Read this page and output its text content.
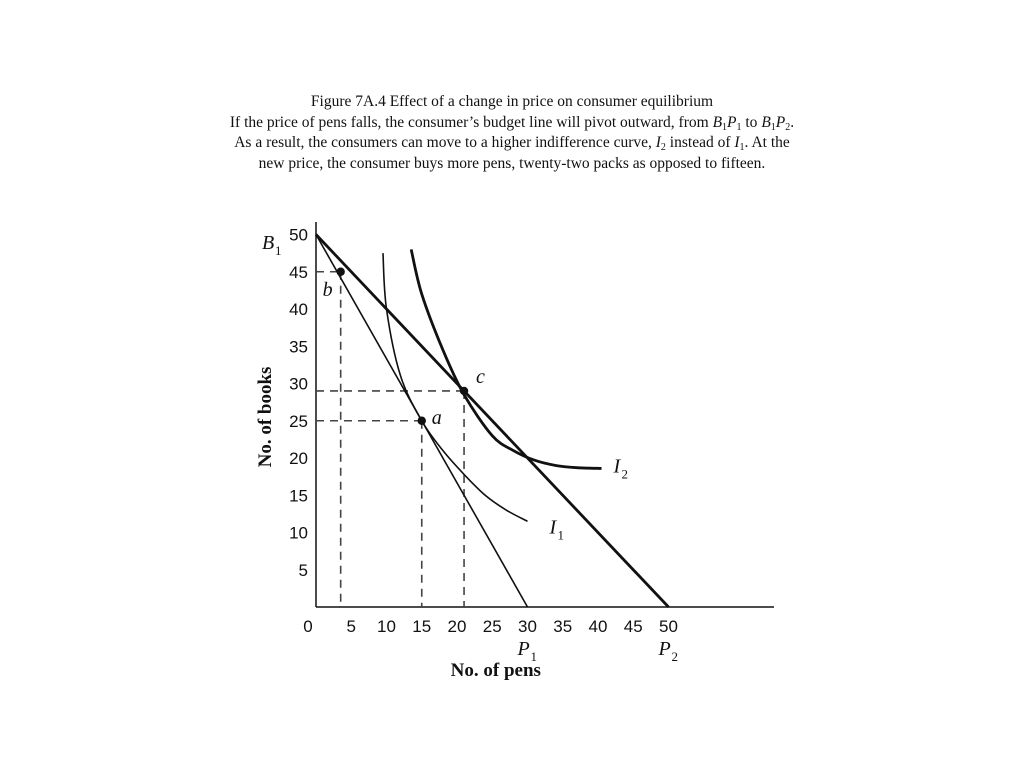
Figure 7A.4 Effect of a change in price on consumer equilibrium
If the price of pens falls, the consumer’s budget line will pivot outward, from $B_1P_1$ to $B_1P_2$.
As a result, the consumers can move to a higher indifference curve, $I_2$ instead of $I_1$. At the
new price, the consumer buys more pens, twenty-two packs as opposed to fifteen.
0 5 10 15 20 25 30 35 40 45 50
5
10
15
20
25
30
35
40
45
50
No. of pens
No. of books	a
b
c
B 1
P 1	P 2
I 1
I 2
